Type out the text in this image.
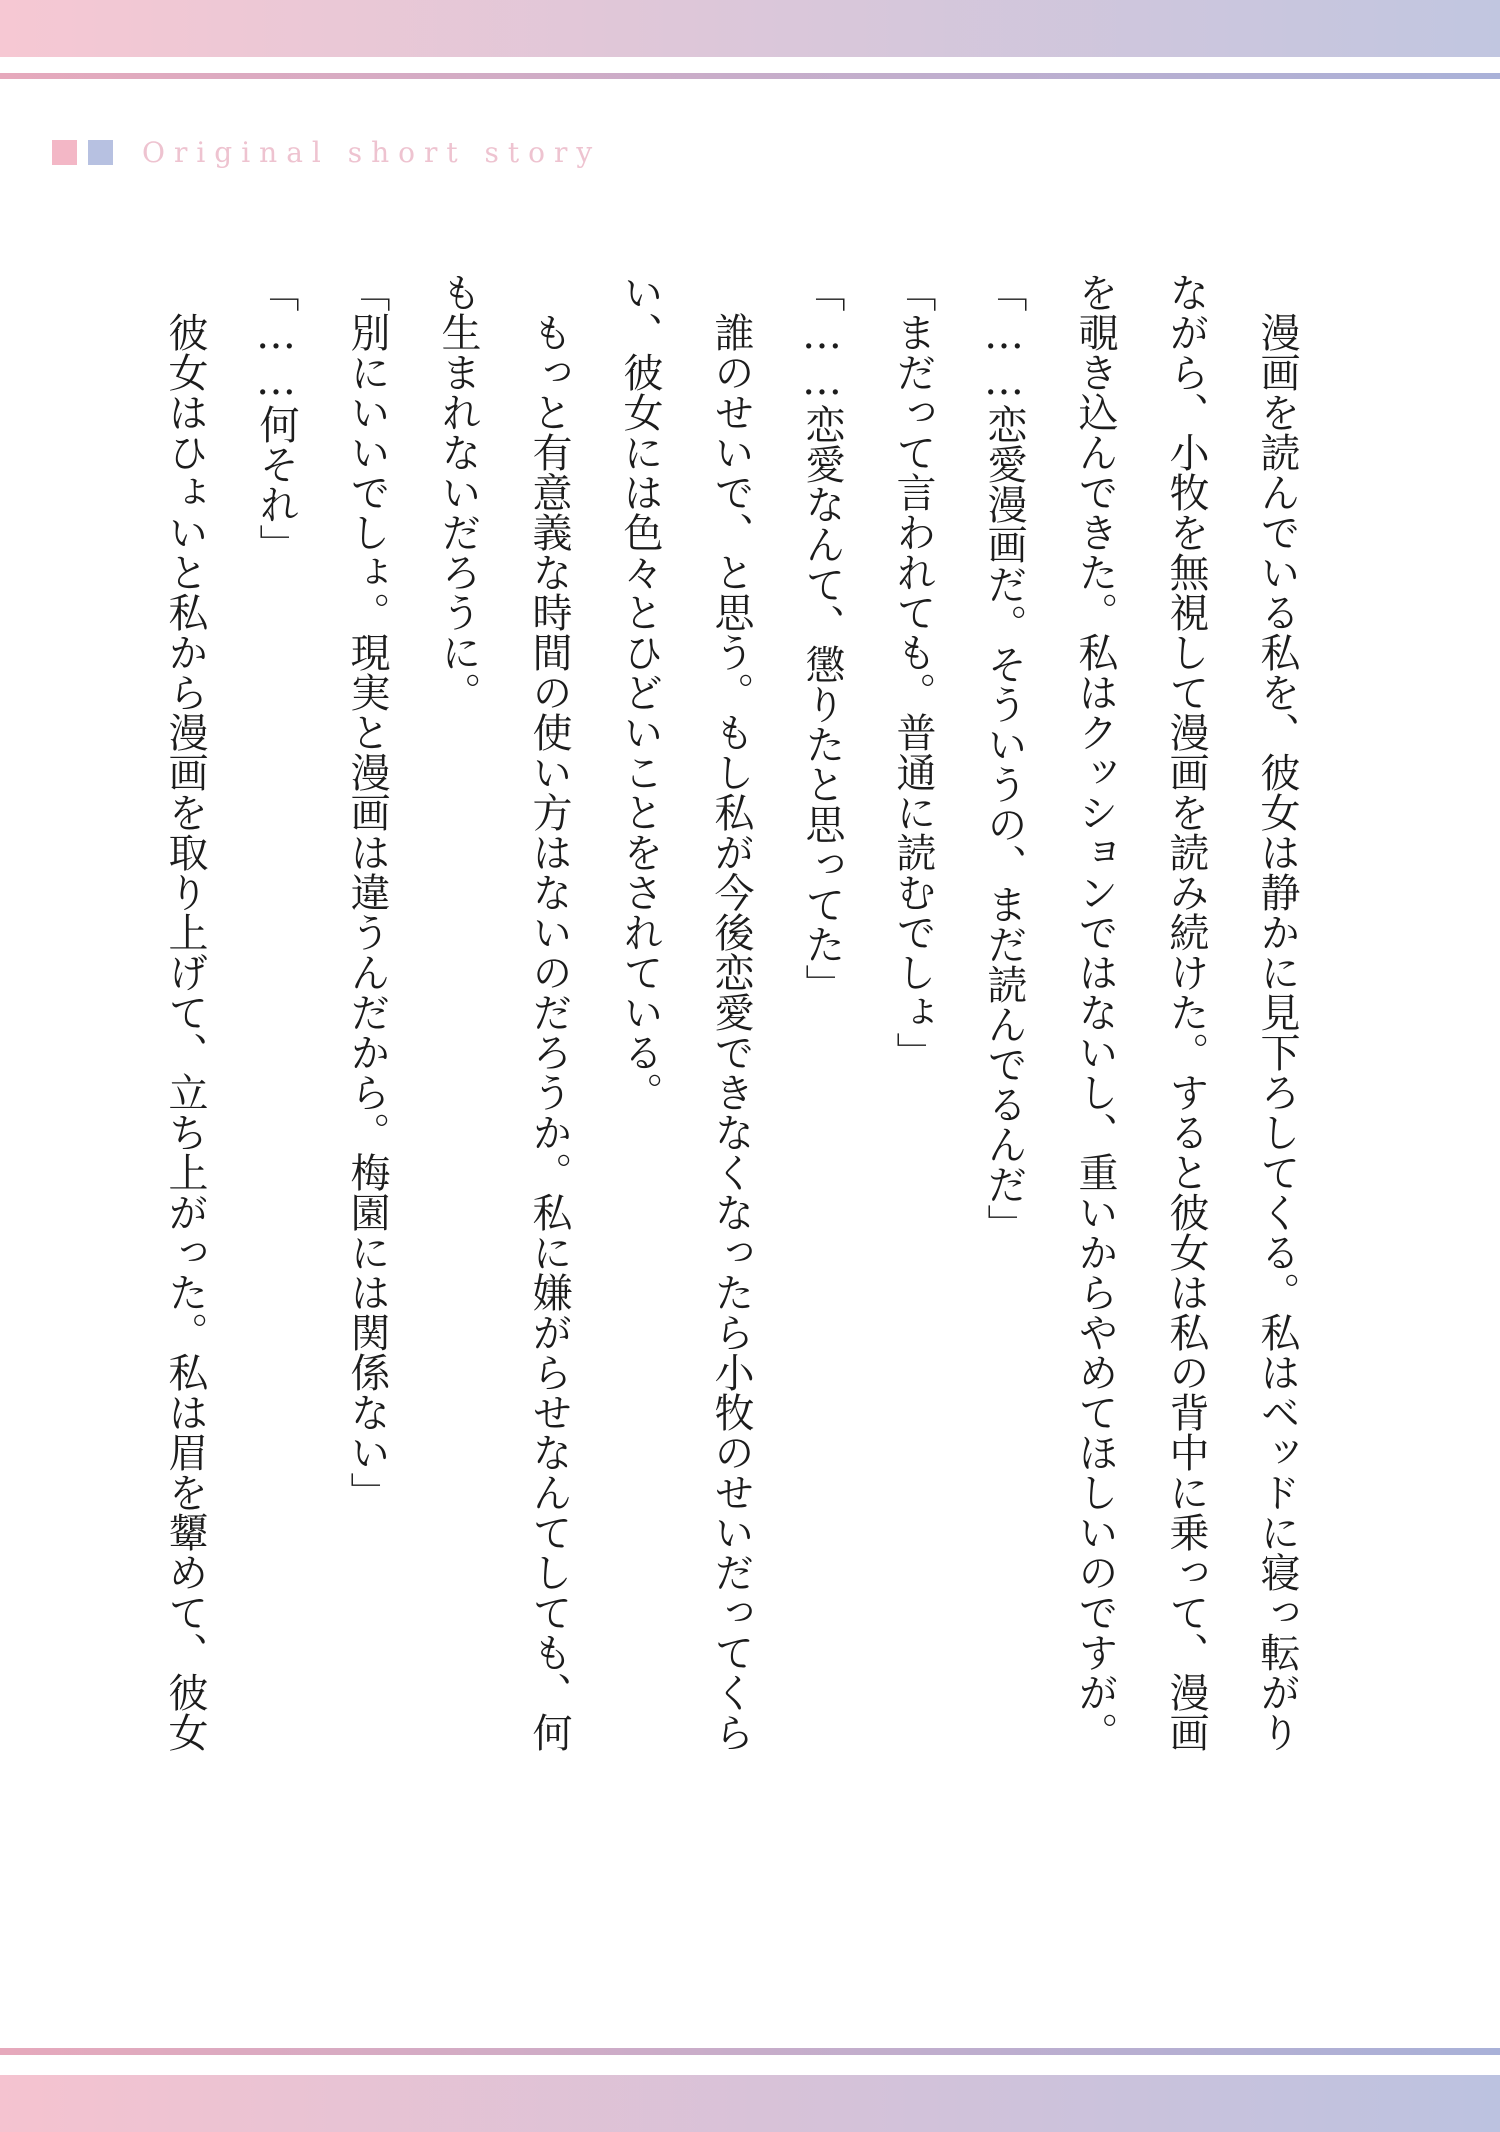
Original short story

漫画を読んでいる私を、彼女は静かに見下ろしてくる。私はベッドに寝っ転がりながら、小牧を無視して漫画を読み続けた。すると彼女は私の背中に乗って、漫画を覗き込んできた。私はクッションではないし、重いからやめてほしいのですが。

「……恋愛漫画だ。そういうの、まだ読んでるんだ」

「まだって言われても。普通に読むでしょ」

「……恋愛なんて、懲りたと思ってた」

誰のせいで、と思う。もし私が今後恋愛できなくなったら小牧のせいだってくらい、彼女には色々とひどいことをされている。

もっと有意義な時間の使い方はないのだろうか。私に嫌がらせなんてしても、何も生まれないだろうに。

「別にいいでしょ。現実と漫画は違うんだから。梅園には関係ない」

「……何それ」

彼女はひょいと私から漫画を取り上げて、立ち上がった。私は眉を顰めて、彼女
